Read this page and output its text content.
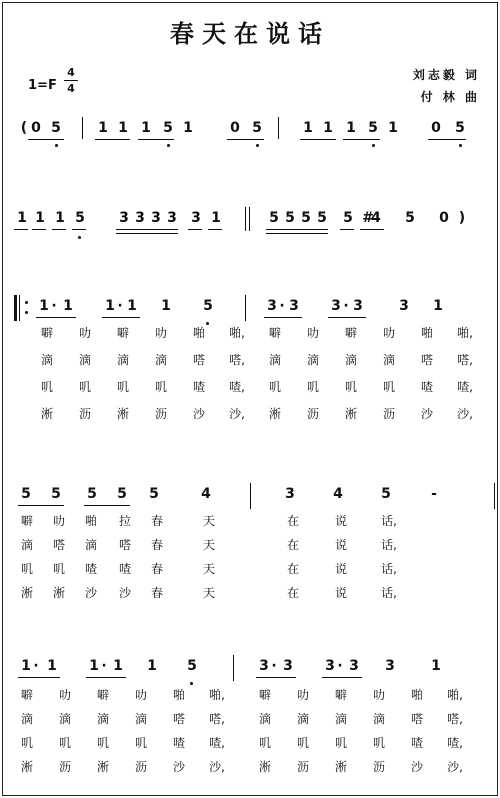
春天在说话
1=F
4
4
刘志毅 词
付 林 曲
( 0 5	1 1 1 5 1	0 5	1 1 1 5 1 0 5
1 1 1 5 3 3 3 3 3 1	5 5 5 5 5 #
4 5 0 )
1 · 1 1 · 1 1 5	3 · 3 3 · 3	3 1
噼 叻 噼 叻 啪 啪, 噼 叻 噼 叻 啪 啪,
滴 滴 滴 滴 嗒 嗒, 滴 滴 滴 滴 嗒 嗒,
叽 叽 叽 叽 喳 喳, 叽 叽 叽 叽 喳 喳,
淅 沥 淅 沥 沙 沙, 淅 沥 淅 沥 沙 沙,
5 5 5 5 5	4	3	4	5	-
噼 叻 啪 拉 春	天	在	说	话,
滴 嗒 滴 嗒 春	天	在	说	话,
叽 叽 喳 喳 春	天	在	说	话,
淅 淅 沙 沙 春	天	在	说	话,
1 · 1 1 · 1 1 5	3 · 3 3 · 3 3	1
噼 叻 噼 叻 啪 啪,	噼 叻 噼 叻 啪 啪,
滴 滴 滴 滴 嗒 嗒,	滴 滴 滴 滴 嗒 嗒,
叽 叽 叽 叽 喳 喳,	叽 叽 叽 叽 喳 喳,
淅 沥 淅 沥 沙 沙,	淅 沥 淅 沥 沙 沙,
